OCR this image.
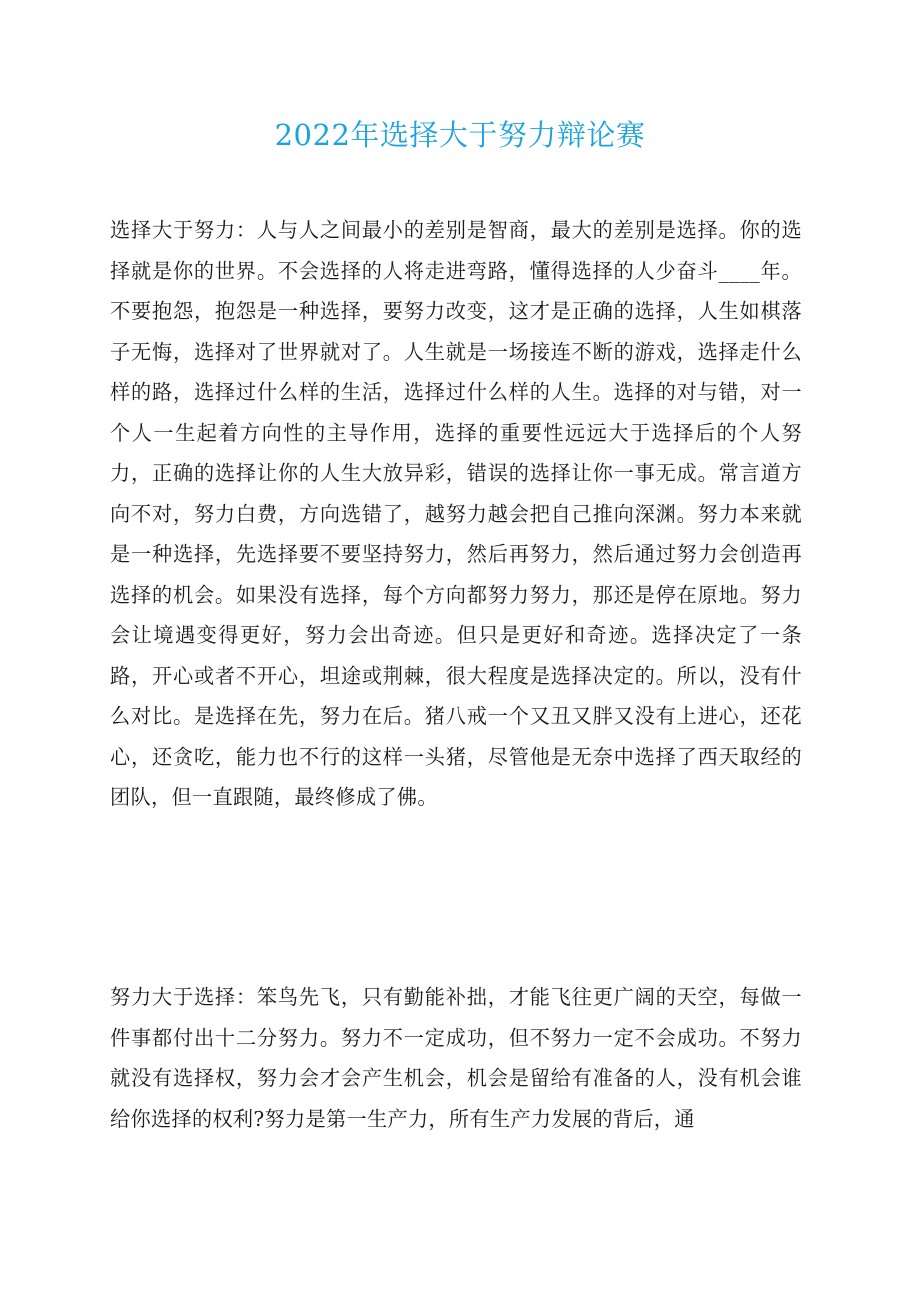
2022年选择大于努力辩论赛

选择大于努力：人与人之间最小的差别是智商，最大的差别是选择。你的选择就是你的世界。不会选择的人将走进弯路，懂得选择的人少奋斗____年。不要抱怨，抱怨是一种选择，要努力改变，这才是正确的选择，人生如棋落子无悔，选择对了世界就对了。人生就是一场接连不断的游戏，选择走什么样的路，选择过什么样的生活，选择过什么样的人生。选择的对与错，对一个人一生起着方向性的主导作用，选择的重要性远远大于选择后的个人努力，正确的选择让你的人生大放异彩，错误的选择让你一事无成。常言道方向不对，努力白费，方向选错了，越努力越会把自己推向深渊。努力本来就是一种选择，先选择要不要坚持努力，然后再努力，然后通过努力会创造再选择的机会。如果没有选择，每个方向都努力努力，那还是停在原地。努力会让境遇变得更好，努力会出奇迹。但只是更好和奇迹。选择决定了一条路，开心或者不开心，坦途或荆棘，很大程度是选择决定的。所以，没有什么对比。是选择在先，努力在后。猪八戒一个又丑又胖又没有上进心，还花心，还贪吃，能力也不行的这样一头猪，尽管他是无奈中选择了西天取经的团队，但一直跟随，最终修成了佛。

努力大于选择：笨鸟先飞，只有勤能补拙，才能飞往更广阔的天空，每做一件事都付出十二分努力。努力不一定成功，但不努力一定不会成功。不努力就没有选择权，努力会才会产生机会，机会是留给有准备的人，没有机会谁给你选择的权利?努力是第一生产力，所有生产力发展的背后，通
